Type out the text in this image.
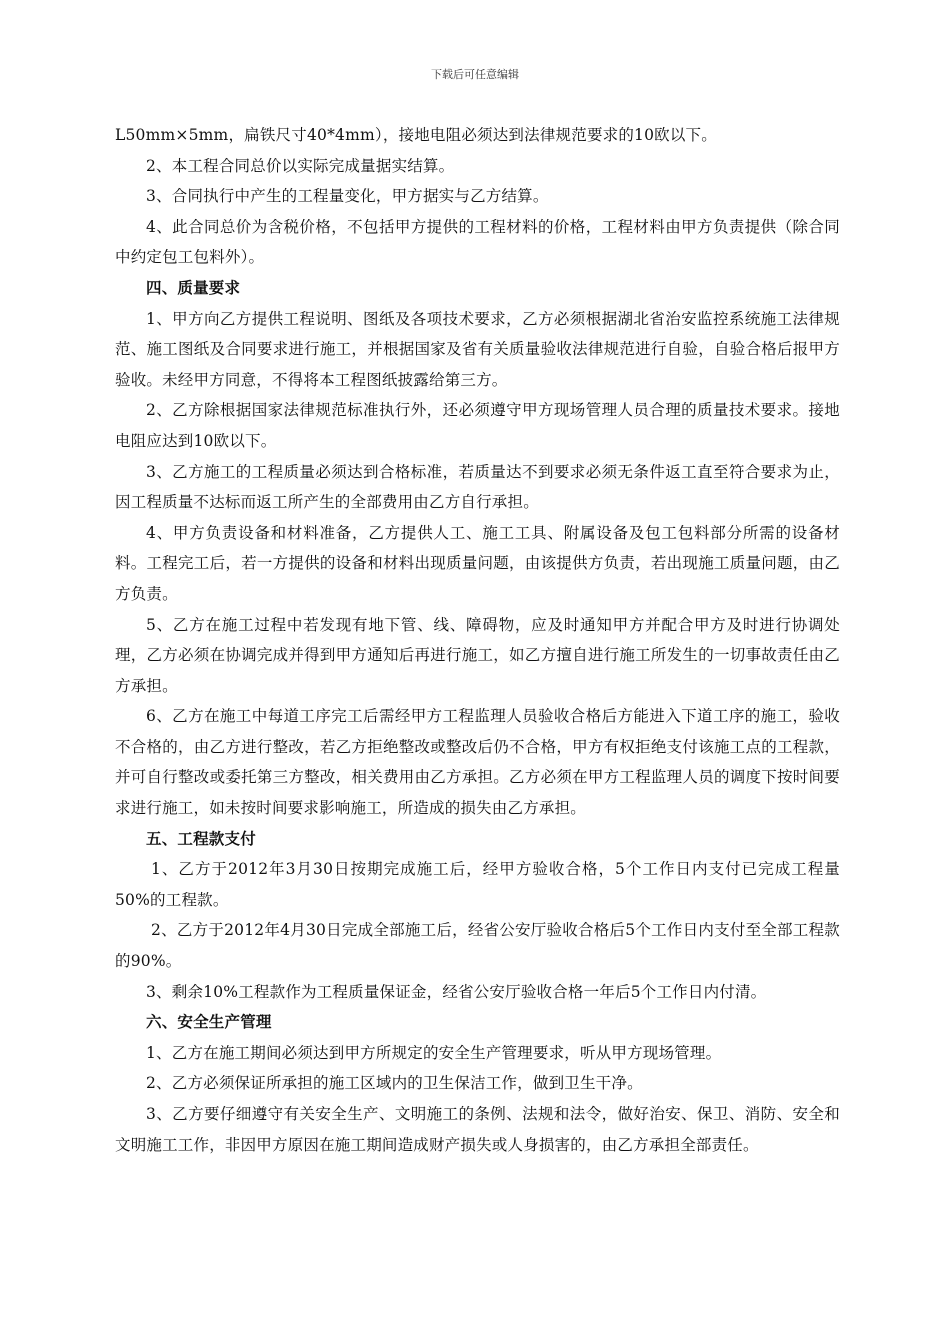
下载后可任意编辑

L50mm×5mm，扁铁尺寸40*4mm），接地电阻必须达到法律规范要求的10欧以下。

2、本工程合同总价以实际完成量据实结算。

3、合同执行中产生的工程量变化，甲方据实与乙方结算。

4、此合同总价为含税价格，不包括甲方提供的工程材料的价格，工程材料由甲方负责提供（除合同中约定包工包料外）。

四、质量要求

1、甲方向乙方提供工程说明、图纸及各项技术要求，乙方必须根据湖北省治安监控系统施工法律规范、施工图纸及合同要求进行施工，并根据国家及省有关质量验收法律规范进行自验，自验合格后报甲方验收。未经甲方同意，不得将本工程图纸披露给第三方。

2、乙方除根据国家法律规范标准执行外，还必须遵守甲方现场管理人员合理的质量技术要求。接地电阻应达到10欧以下。

3、乙方施工的工程质量必须达到合格标准，若质量达不到要求必须无条件返工直至符合要求为止，因工程质量不达标而返工所产生的全部费用由乙方自行承担。

4、甲方负责设备和材料准备，乙方提供人工、施工工具、附属设备及包工包料部分所需的设备材料。工程完工后，若一方提供的设备和材料出现质量问题，由该提供方负责，若出现施工质量问题，由乙方负责。

5、乙方在施工过程中若发现有地下管、线、障碍物，应及时通知甲方并配合甲方及时进行协调处理，乙方必须在协调完成并得到甲方通知后再进行施工，如乙方擅自进行施工所发生的一切事故责任由乙方承担。

6、乙方在施工中每道工序完工后需经甲方工程监理人员验收合格后方能进入下道工序的施工，验收不合格的，由乙方进行整改，若乙方拒绝整改或整改后仍不合格，甲方有权拒绝支付该施工点的工程款，并可自行整改或委托第三方整改，相关费用由乙方承担。乙方必须在甲方工程监理人员的调度下按时间要求进行施工，如未按时间要求影响施工，所造成的损失由乙方承担。

五、工程款支付

1、乙方于2012年3月30日按期完成施工后，经甲方验收合格，5个工作日内支付已完成工程量50%的工程款。

2、乙方于2012年4月30日完成全部施工后，经省公安厅验收合格后5个工作日内支付至全部工程款的90%。

3、剩余10%工程款作为工程质量保证金，经省公安厅验收合格一年后5个工作日内付清。

六、安全生产管理

1、乙方在施工期间必须达到甲方所规定的安全生产管理要求，听从甲方现场管理。

2、乙方必须保证所承担的施工区域内的卫生保洁工作，做到卫生干净。

3、乙方要仔细遵守有关安全生产、文明施工的条例、法规和法令，做好治安、保卫、消防、安全和文明施工工作，非因甲方原因在施工期间造成财产损失或人身损害的，由乙方承担全部责任。
